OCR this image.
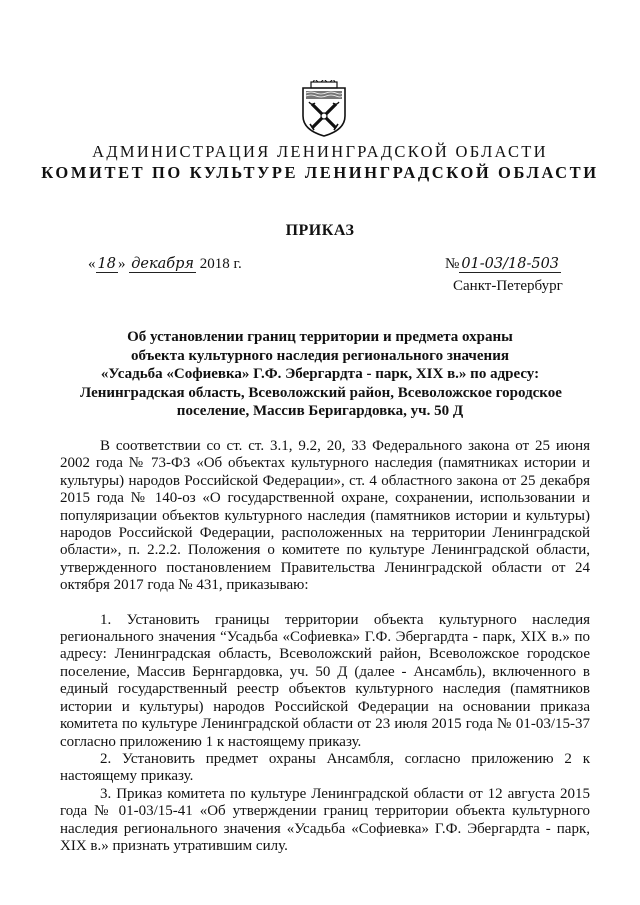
АДМИНИСТРАЦИЯ ЛЕНИНГРАДСКОЙ ОБЛАСТИ
КОМИТЕТ ПО КУЛЬТУРЕ ЛЕНИНГРАДСКОЙ ОБЛАСТИ
ПРИКАЗ
« 18 » декабря 2018 г.	№ 01-03/18-503
Санкт-Петербург
Об установлении границ территории и предмета охраны
объекта культурного наследия регионального значения
«Усадьба «Софиевка» Г.Ф. Эбергардта - парк, XIX в.» по адресу:
Ленинградская область, Всеволожский район, Всеволожское городское
поселение, Массив Беригардовка, уч. 50 Д

В соответствии со ст. ст. 3.1, 9.2, 20, 33 Федерального закона от 25 июня 2002 года № 73-ФЗ «Об объектах культурного наследия (памятниках истории и культуры) народов Российской Федерации», ст. 4 областного закона от 25 декабря 2015 года № 140-оз «О государственной охране, сохранении, использовании и популяризации объектов культурного наследия (памятников истории и культуры) народов Российской Федерации, расположенных на территории Ленинградской области», п. 2.2.2. Положения о комитете по культуре Ленинградской области, утвержденного постановлением Правительства Ленинградской области от 24 октября 2017 года № 431, приказываю:

1. Установить границы территории объекта культурного наследия регионального значения “Усадьба «Софиевка» Г.Ф. Эбергардта - парк, XIX в.» по адресу: Ленинградская область, Всеволожский район, Всеволожское городское поселение, Массив Бернгардовка, уч. 50 Д (далее - Ансамбль), включенного в единый государственный реестр объектов культурного наследия (памятников истории и культуры) народов Российской Федерации на основании приказа комитета по культуре Ленинградской области от 23 июля 2015 года № 01-03/15-37 согласно приложению 1 к настоящему приказу.

2. Установить предмет охраны Ансамбля, согласно приложению 2 к настоящему приказу.

3. Приказ комитета по культуре Ленинградской области от 12 августа 2015 года № 01-03/15-41 «Об утверждении границ территории объекта культурного наследия регионального значения «Усадьба «Софиевка» Г.Ф. Эбергардта - парк, XIX в.» признать утратившим силу.
